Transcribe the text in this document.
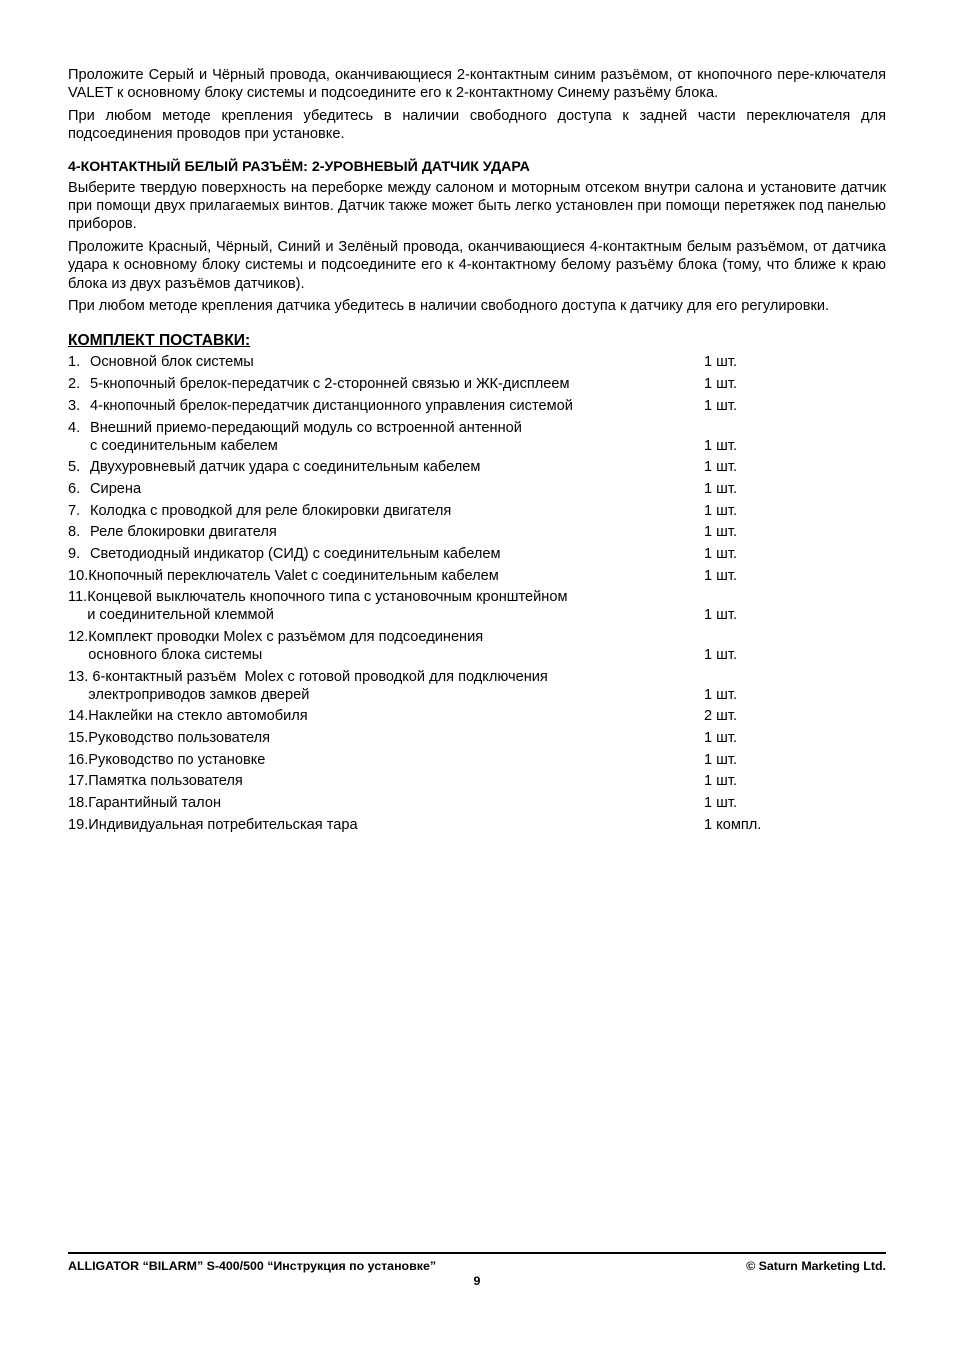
Проложите Серый и Чёрный провода, оканчивающиеся 2-контактным синим разъёмом, от кнопочного пере-ключателя VALET к основному блоку системы и подсоедините его к 2-контактному Синему разъёму блока.

При любом методе крепления убедитесь в наличии свободного доступа к задней части переключателя для подсоединения проводов при установке.

4-КОНТАКТНЫЙ БЕЛЫЙ РАЗЪЁМ: 2-УРОВНЕВЫЙ ДАТЧИК УДАРА

Выберите твердую поверхность на переборке между салоном и моторным отсеком внутри салона и установите датчик при помощи двух прилагаемых винтов. Датчик также может быть легко установлен при помощи перетяжек под панелью приборов.

Проложите Красный, Чёрный, Синий и Зелёный провода, оканчивающиеся 4-контактным белым разъёмом, от датчика удара к основному блоку системы и подсоедините его к 4-контактному белому разъёму блока (тому, что ближе к краю блока из двух разъёмов датчиков).

При любом методе крепления датчика убедитесь в наличии свободного доступа к датчику для его регулировки.

КОМПЛЕКТ ПОСТАВКИ:
1. Основной блок системы	1 шт.
2. 5-кнопочный брелок-передатчик с 2-сторонней связью и ЖК-дисплеем	1 шт.
3. 4-кнопочный брелок-передатчик дистанционного управления системой	1 шт.
4. Внешний приемо-передающий модуль со встроенной антенной
с соединительным кабелем	1 шт.
5. Двухуровневый датчик удара с соединительным кабелем	1 шт.
6. Сирена	1 шт.
7. Колодка с проводкой для реле блокировки двигателя	1 шт.
8. Реле блокировки двигателя	1 шт.
9. Светодиодный индикатор (СИД) с соединительным кабелем	1 шт.
10. Кнопочный переключатель Valet с соединительным кабелем	1 шт.
11. Концевой выключатель кнопочного типа с установочным кронштейном
и соединительной клеммой	1 шт.
12. Комплект проводки Molex с разъёмом для подсоединения
основного блока системы	1 шт.
13. 6-контактный разъём  Molex с готовой проводкой для подключения
электроприводов замков дверей	1 шт.
14. Наклейки на стекло автомобиля	2 шт.
15. Руководство пользователя	1 шт.
16. Руководство по установке	1 шт.
17. Памятка пользователя	1 шт.
18. Гарантийный талон	1 шт.
19. Индивидуальная потребительская тара	1 компл.
ALLIGATOR “BILARM” S-400/500 “Инструкция по установке”	© Saturn Marketing Ltd.
9
